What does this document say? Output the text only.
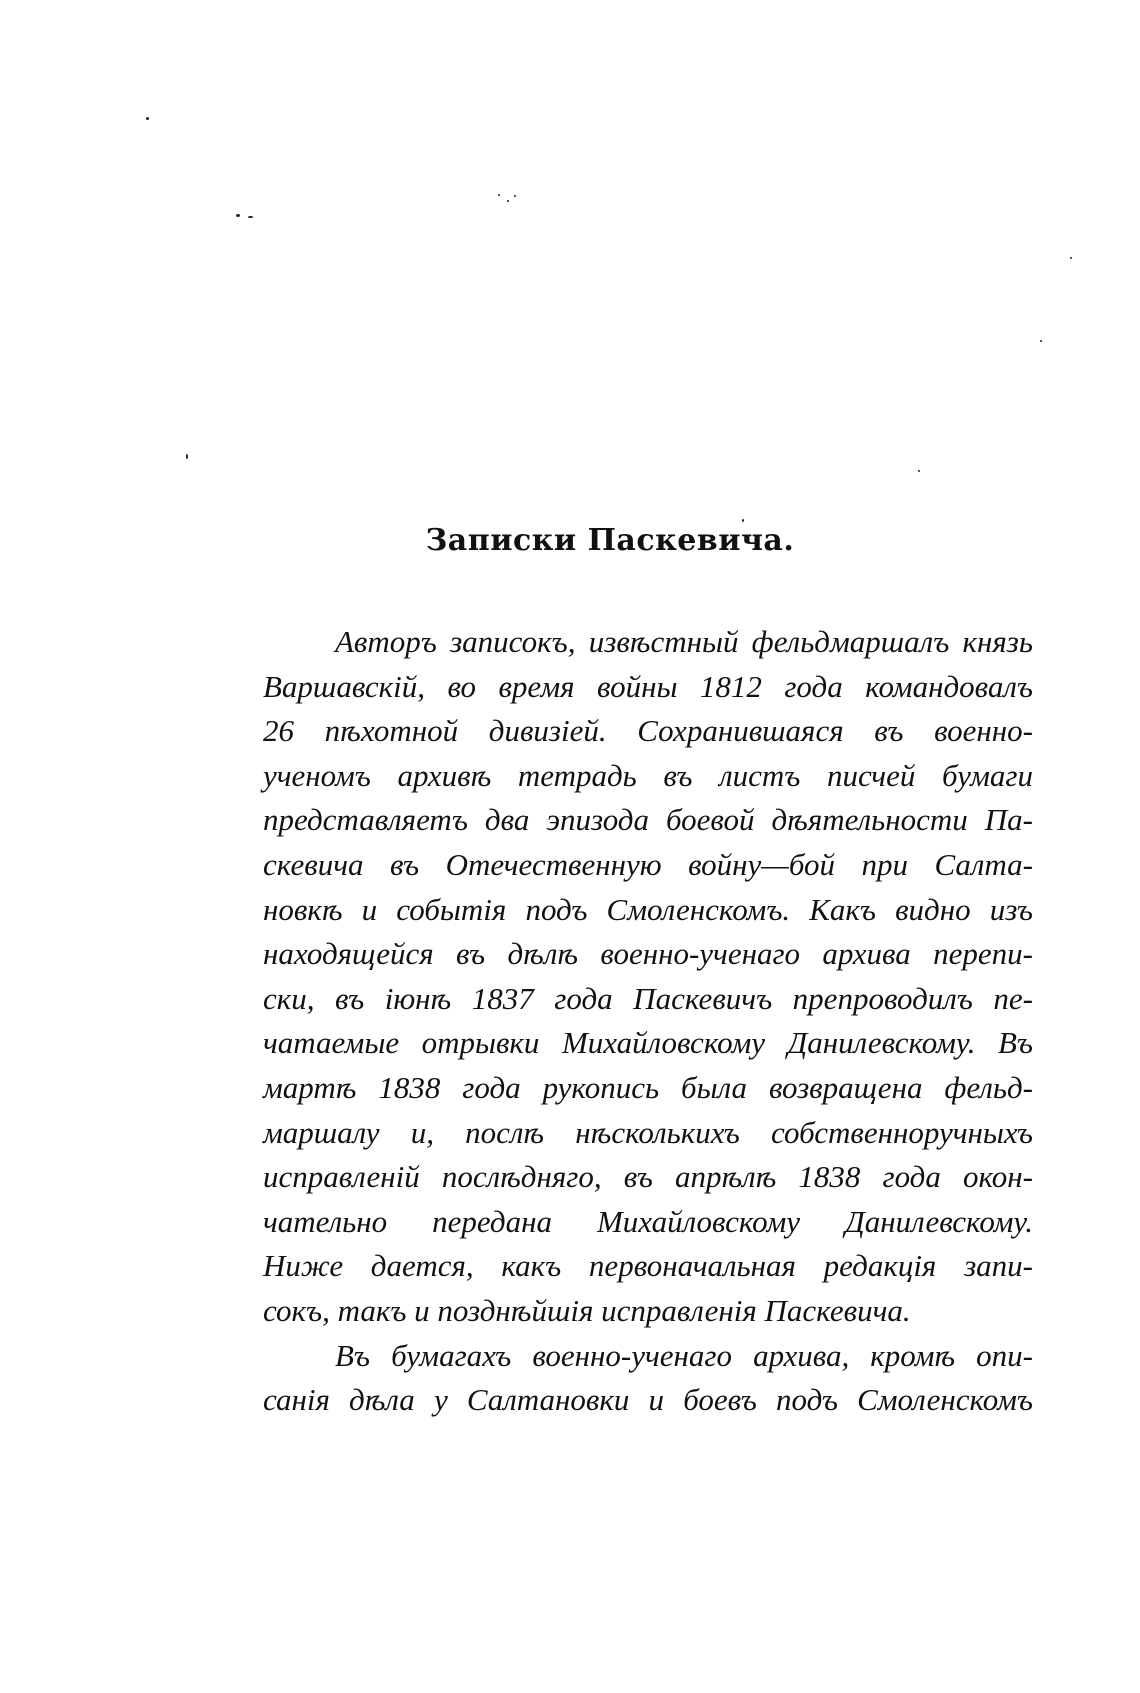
Записки Паскевича.
Авторъ записокъ, извѣстный фельдмаршалъ князь
Варшавскій, во время войны 1812 года командовалъ
26 пѣхотной дивизіей. Сохранившаяся въ военно-
ученомъ архивѣ тетрадь въ листъ писчей бумаги
представляетъ два эпизода боевой дѣятельности Па-
скевича въ Отечественную войну—бой при Салта-
новкѣ и событія подъ Смоленскомъ. Какъ видно изъ
находящейся въ дѣлѣ военно-ученаго архива перепи-
ски, въ іюнѣ 1837 года Паскевичъ препроводилъ пе-
чатаемые отрывки Михайловскому Данилевскому. Въ
мартѣ 1838 года рукопись была возвращена фельд-
маршалу и, послѣ нѣсколькихъ собственноручныхъ
исправленій послѣдняго, въ апрѣлѣ 1838 года окон-
чательно передана Михайловскому Данилевскому.
Ниже дается, какъ первоначальная редакція запи-
сокъ, такъ и позднѣйшія исправленія Паскевича.
Въ бумагахъ военно-ученаго архива, кромѣ опи-
санія дѣла у Салтановки и боевъ подъ Смоленскомъ
